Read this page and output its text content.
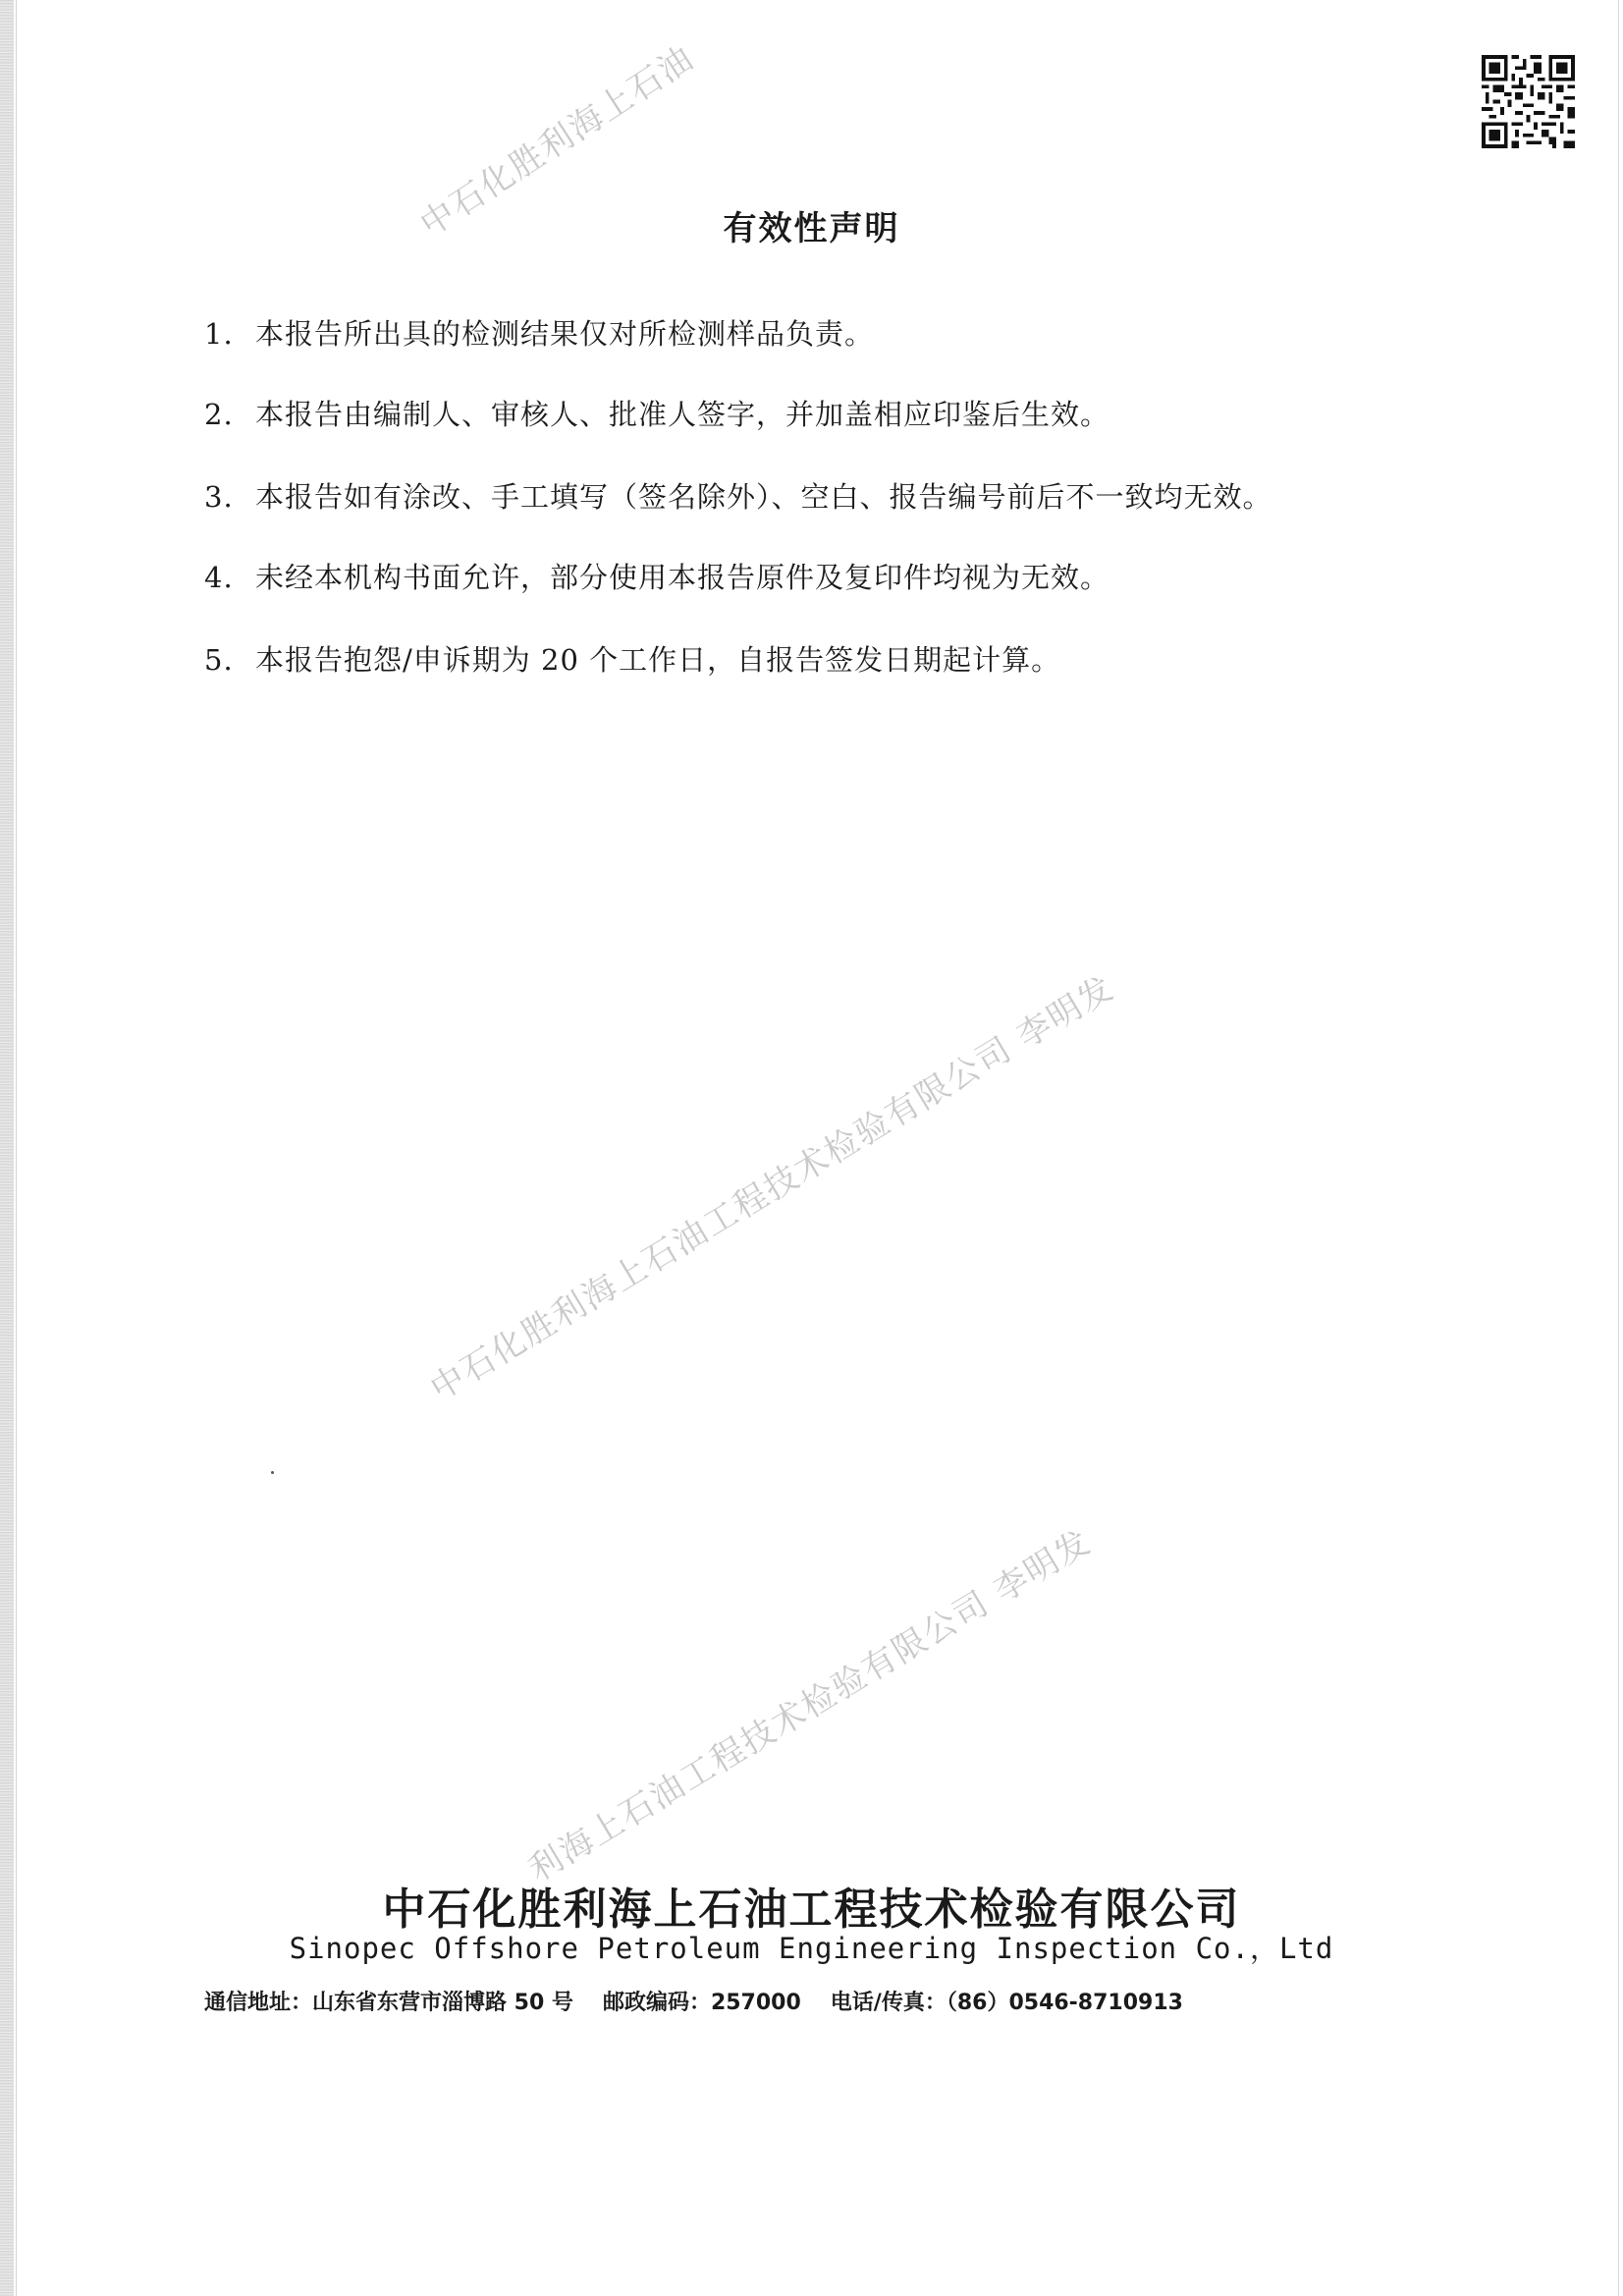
中石化胜利海上石油 有效性声明
1. 本报告所出具的检测结果仅对所检测样品负责。
2. 本报告由编制人、审核人、批准人签字，并加盖相应印鉴后生效。
3. 本报告如有涂改、手工填写（签名除外）、空白、报告编号前后不一致均无效。
4. 未经本机构书面允许，部分使用本报告原件及复印件均视为无效。
5. 本报告抱怨/申诉期为 20 个工作日，自报告签发日期起计算。
中石化胜利海上石油工程技术检验有限公司 李明发
利海上石油工程技术检验有限公司 李明发
中石化胜利海上石油工程技术检验有限公司
Sinopec Offshore Petroleum Engineering Inspection Co.，Ltd
通信地址：山东省东营市淄博路 50 号 邮政编码：257000 电话/传真：（86）0546-8710913
